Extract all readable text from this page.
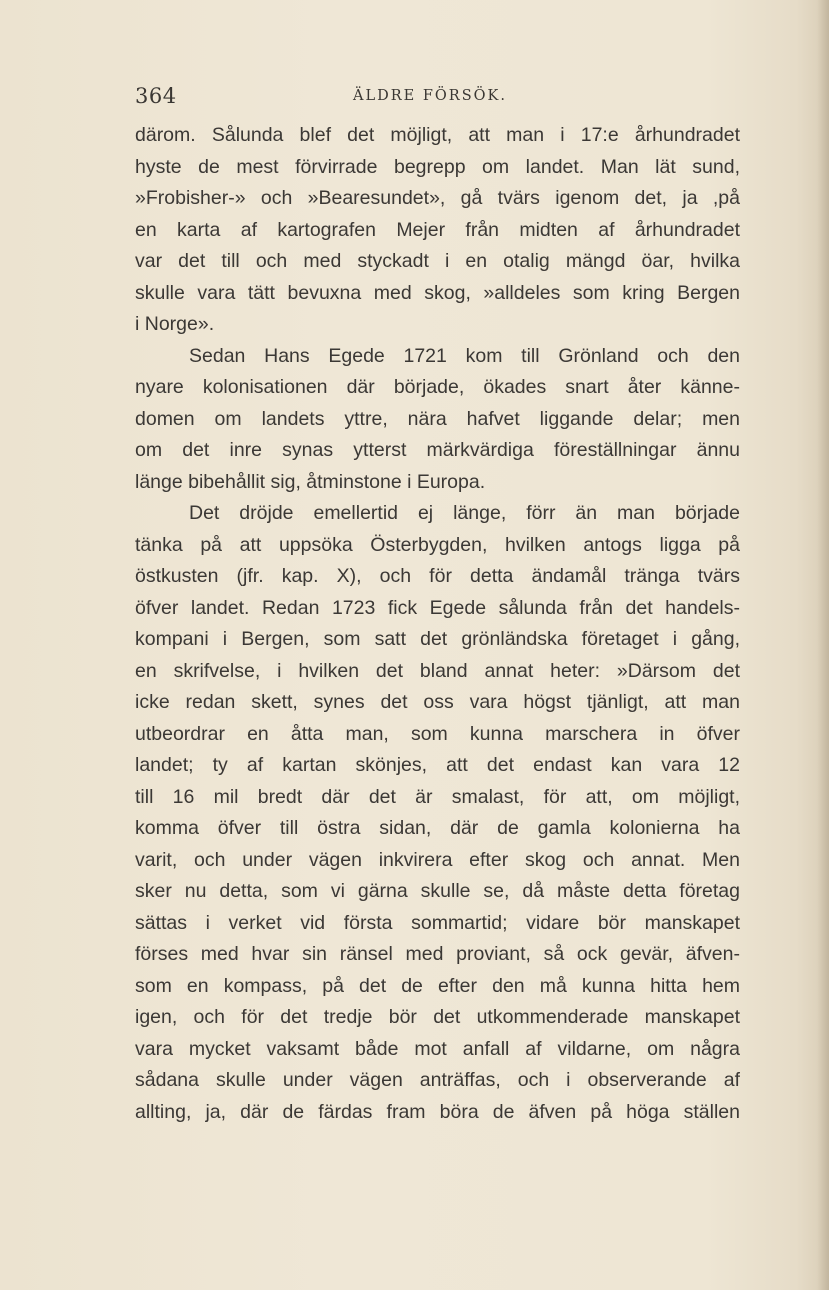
364	ÄLDRE FÖRSÖK.
därom. Sålunda blef det möjligt, att man i 17:e århundradet
hyste de mest förvirrade begrepp om landet. Man lät sund,
»Frobisher-» och »Bearesundet», gå tvärs igenom det, ja ,på
en karta af kartografen Mejer från midten af århundradet
var det till och med styckadt i en otalig mängd öar, hvilka
skulle vara tätt bevuxna med skog, »alldeles som kring Bergen
i Norge».
Sedan Hans Egede 1721 kom till Grönland och den
nyare kolonisationen där började, ökades snart åter känne-
domen om landets yttre, nära hafvet liggande delar; men
om det inre synas ytterst märkvärdiga föreställningar ännu
länge bibehållit sig, åtminstone i Europa.
Det dröjde emellertid ej länge, förr än man började
tänka på att uppsöka Österbygden, hvilken antogs ligga på
östkusten (jfr. kap. X), och för detta ändamål tränga tvärs
öfver landet. Redan 1723 fick Egede sålunda från det handels-
kompani i Bergen, som satt det grönländska företaget i gång,
en skrifvelse, i hvilken det bland annat heter: »Därsom det
icke redan skett, synes det oss vara högst tjänligt, att man
utbeordrar en åtta man, som kunna marschera in öfver
landet; ty af kartan skönjes, att det endast kan vara 12
till 16 mil bredt där det är smalast, för att, om möjligt,
komma öfver till östra sidan, där de gamla kolonierna ha
varit, och under vägen inkvirera efter skog och annat. Men
sker nu detta, som vi gärna skulle se, då måste detta företag
sättas i verket vid första sommartid; vidare bör manskapet
förses med hvar sin ränsel med proviant, så ock gevär, äfven-
som en kompass, på det de efter den må kunna hitta hem
igen, och för det tredje bör det utkommenderade manskapet
vara mycket vaksamt både mot anfall af vildarne, om några
sådana skulle under vägen anträffas, och i observerande af
allting, ja, där de färdas fram böra de äfven på höga ställen
